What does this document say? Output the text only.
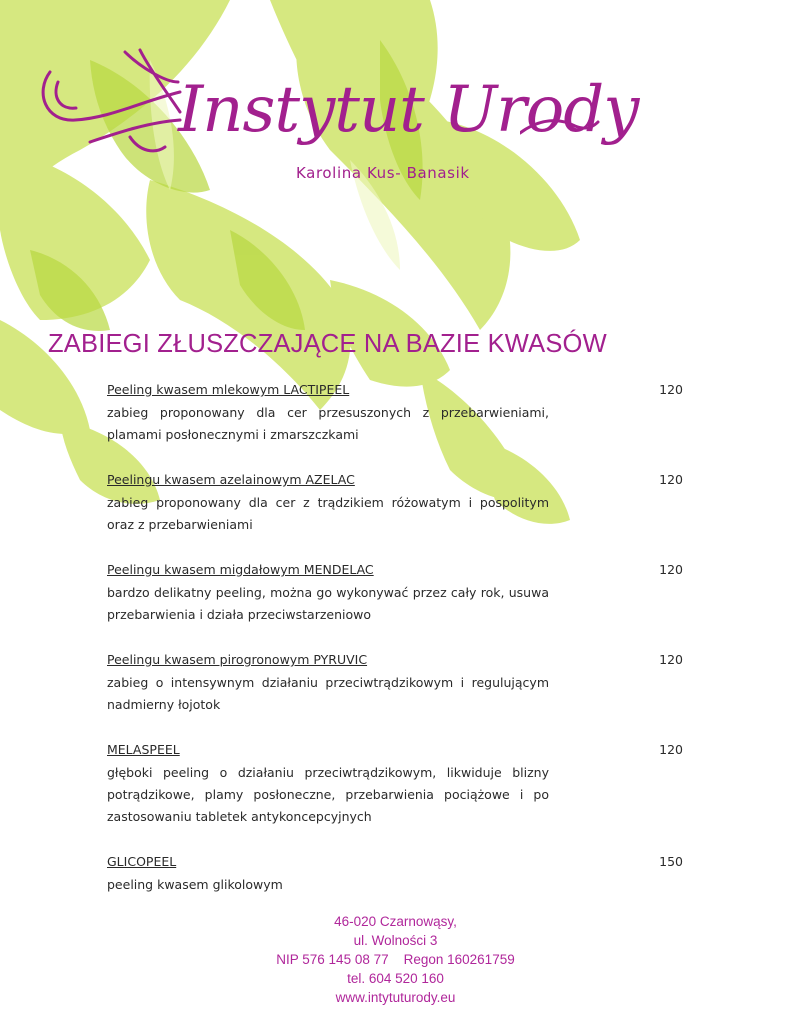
Instytut Urody
Karolina Kus- Banasik
ZABIEGI ZŁUSZCZAJĄCE NA BAZIE KWASÓW
Peeling kwasem mlekowym LACTIPEEL	120
zabieg proponowany dla cer przesuszonych z przebarwieniami, plamami posłonecznymi i zmarszczkami
Peelingu kwasem azelainowym AZELAC	120
zabieg proponowany dla cer z trądzikiem różowatym i pospolitym oraz z przebarwieniami
Peelingu kwasem migdałowym MENDELAC	120
bardzo delikatny peeling, można go wykonywać przez cały rok, usuwa przebarwienia i działa przeciwstarzeniowo
Peelingu kwasem pirogronowym PYRUVIC	120
zabieg o intensywnym działaniu przeciwtrądzikowym i regulującym nadmierny łojotok
MELASPEEL	120
głęboki peeling o działaniu przeciwtrądzikowym, likwiduje blizny potrądzikowe, plamy posłoneczne, przebarwienia pociążowe i po zastosowaniu tabletek antykoncepcyjnych
GLICOPEEL	150
peeling kwasem glikolowym
46-020 Czarnowąsy,
ul. Wolności 3
NIP 576 145 08 77    Regon 160261759
tel. 604 520 160
www.intytuturody.eu
